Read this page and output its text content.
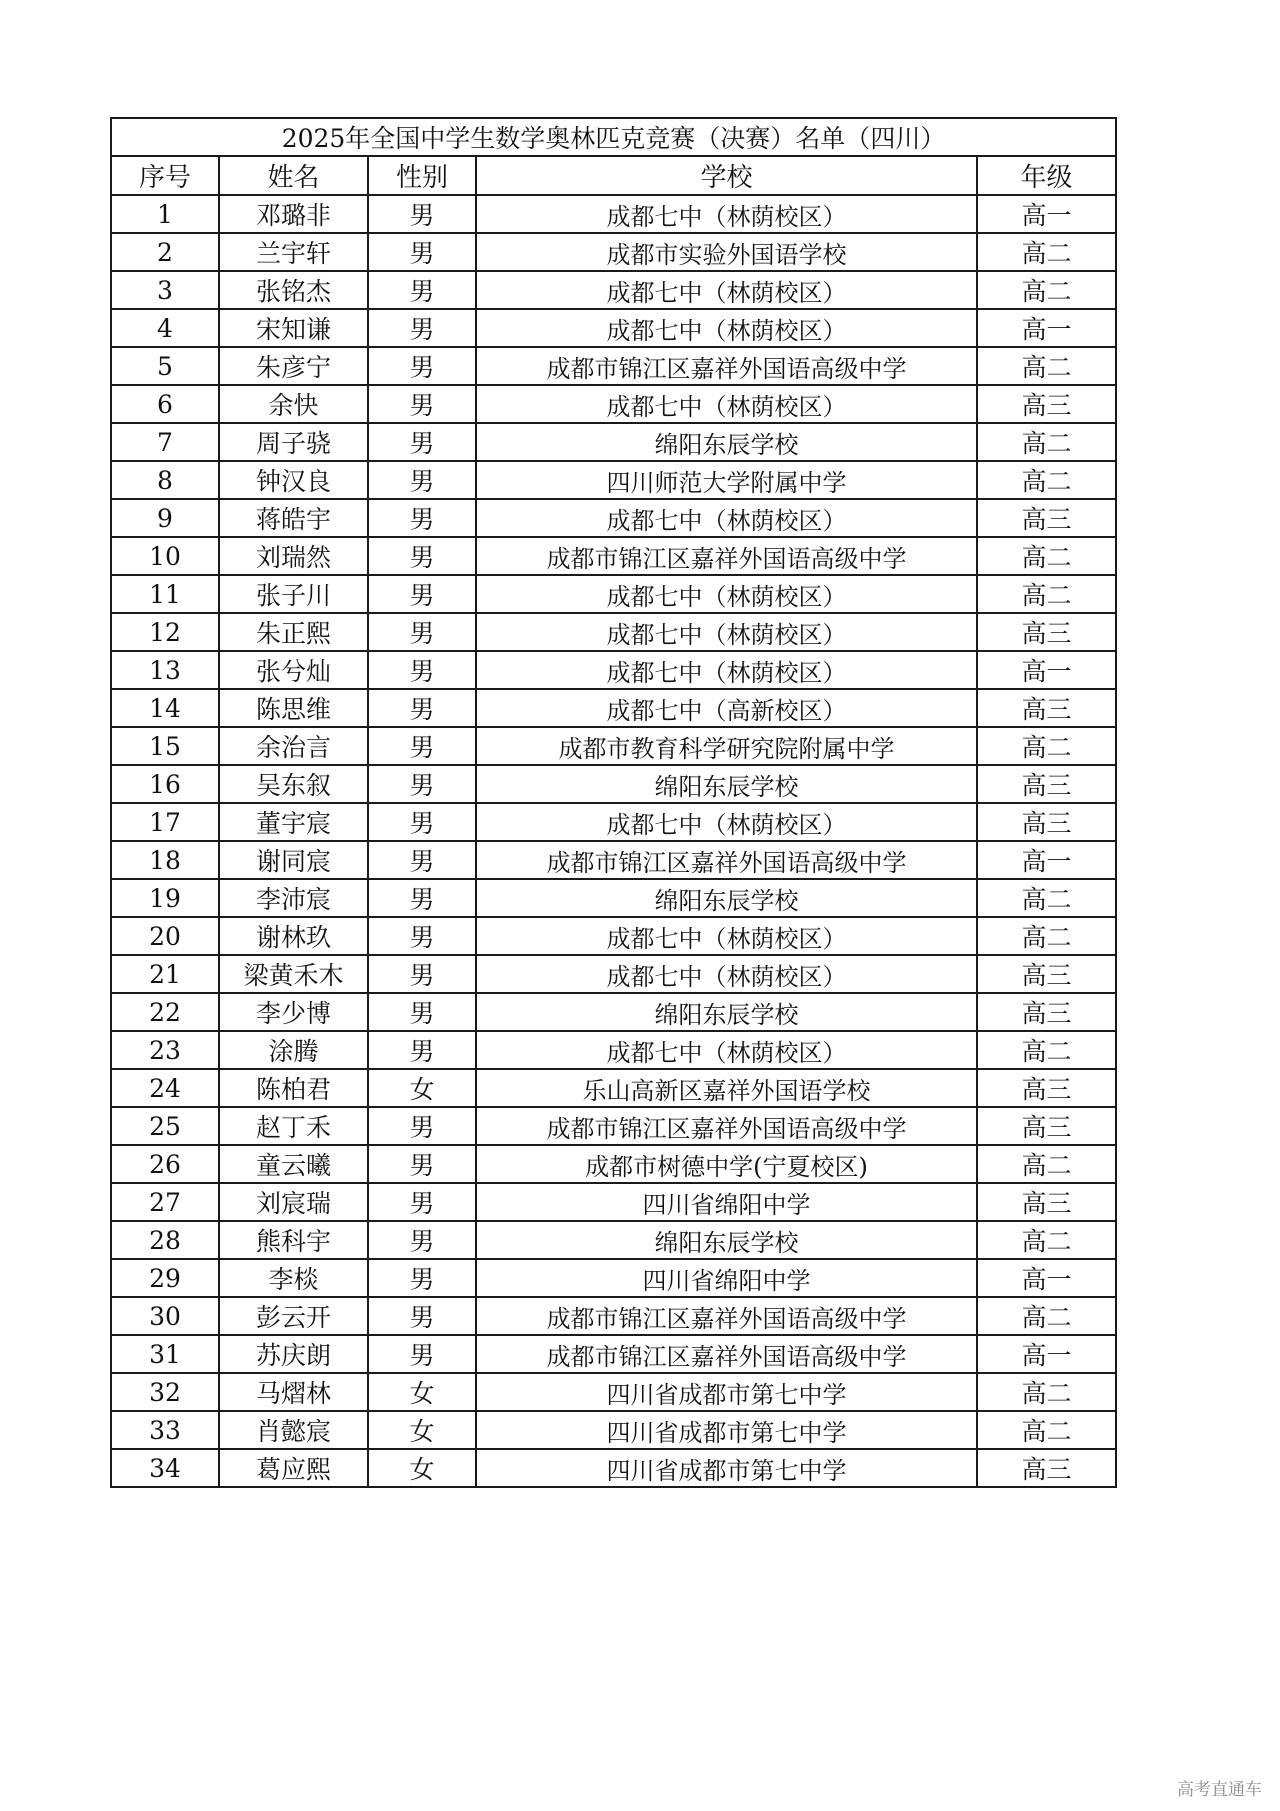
2025年全国中学生数学奥林匹克竞赛（决赛）名单（四川）				
序号	姓名	性别	学校	年级
1	邓璐非	男	成都七中（林荫校区）	高一
2	兰宇轩	男	成都市实验外国语学校	高二
3	张铭杰	男	成都七中（林荫校区）	高二
4	宋知谦	男	成都七中（林荫校区）	高一
5	朱彦宁	男	成都市锦江区嘉祥外国语高级中学	高二
6	余快	男	成都七中（林荫校区）	高三
7	周子骁	男	绵阳东辰学校	高二
8	钟汉良	男	四川师范大学附属中学	高二
9	蒋皓宇	男	成都七中（林荫校区）	高三
10	刘瑞然	男	成都市锦江区嘉祥外国语高级中学	高二
11	张子川	男	成都七中（林荫校区）	高二
12	朱正熙	男	成都七中（林荫校区）	高三
13	张兮灿	男	成都七中（林荫校区）	高一
14	陈思维	男	成都七中（高新校区）	高三
15	余治言	男	成都市教育科学研究院附属中学	高二
16	吴东叙	男	绵阳东辰学校	高三
17	董宇宸	男	成都七中（林荫校区）	高三
18	谢同宸	男	成都市锦江区嘉祥外国语高级中学	高一
19	李沛宸	男	绵阳东辰学校	高二
20	谢林玖	男	成都七中（林荫校区）	高二
21	梁黄禾木	男	成都七中（林荫校区）	高三
22	李少博	男	绵阳东辰学校	高三
23	涂腾	男	成都七中（林荫校区）	高二
24	陈柏君	女	乐山高新区嘉祥外国语学校	高三
25	赵丁禾	男	成都市锦江区嘉祥外国语高级中学	高三
26	童云曦	男	成都市树德中学(宁夏校区)	高二
27	刘宸瑞	男	四川省绵阳中学	高三
28	熊科宇	男	绵阳东辰学校	高二
29	李棪	男	四川省绵阳中学	高一
30	彭云开	男	成都市锦江区嘉祥外国语高级中学	高二
31	苏庆朗	男	成都市锦江区嘉祥外国语高级中学	高一
32	马熠林	女	四川省成都市第七中学	高二
33	肖懿宸	女	四川省成都市第七中学	高二
34	葛应熙	女	四川省成都市第七中学	高三
高考直通车
